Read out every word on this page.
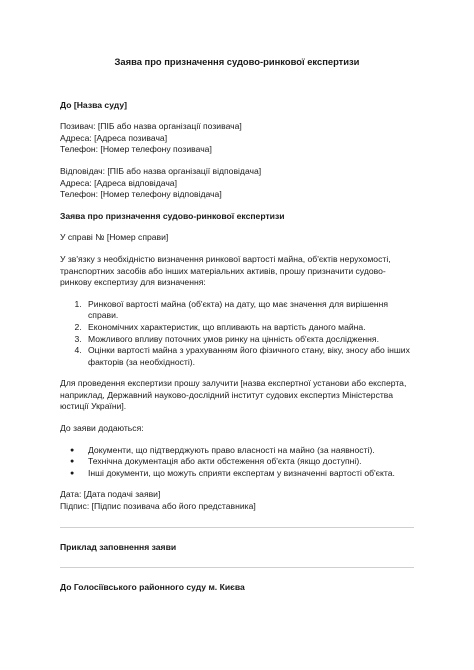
Заява про призначення судово-ринкової експертизи
До [Назва суду]
Позивач: [ПІБ або назва організації позивача]
Адреса: [Адреса позивача]
Телефон: [Номер телефону позивача]
Відповідач: [ПІБ або назва організації відповідача]
Адреса: [Адреса відповідача]
Телефон: [Номер телефону відповідача]
Заява про призначення судово-ринкової експертизи

У справі № [Номер справи]

У зв'язку з необхідністю визначення ринкової вартості майна, об'єктів нерухомості, транспортних засобів або інших матеріальних активів, прошу призначити судово-ринкову експертизу для визначення:

1. Ринкової вартості майна (об'єкта) на дату, що має значення для вирішення справи.
2. Економічних характеристик, що впливають на вартість даного майна.
3. Можливого впливу поточних умов ринку на цінність об'єкта дослідження.
4. Оцінки вартості майна з урахуванням його фізичного стану, віку, зносу або інших факторів (за необхідності).

Для проведення експертизи прошу залучити [назва експертної установи або експерта, наприклад, Державний науково-дослідний інститут судових експертиз Міністерства юстиції України].

До заяви додаються:

● Документи, що підтверджують право власності на майно (за наявності).
● Технічна документація або акти обстеження об'єкта (якщо доступні).
● Інші документи, що можуть сприяти експертам у визначенні вартості об'єкта.
Дата: [Дата подачі заяви]
Підпис: [Підпис позивача або його представника]
Приклад заповнення заяви
До Голосіївського районного суду м. Києва
